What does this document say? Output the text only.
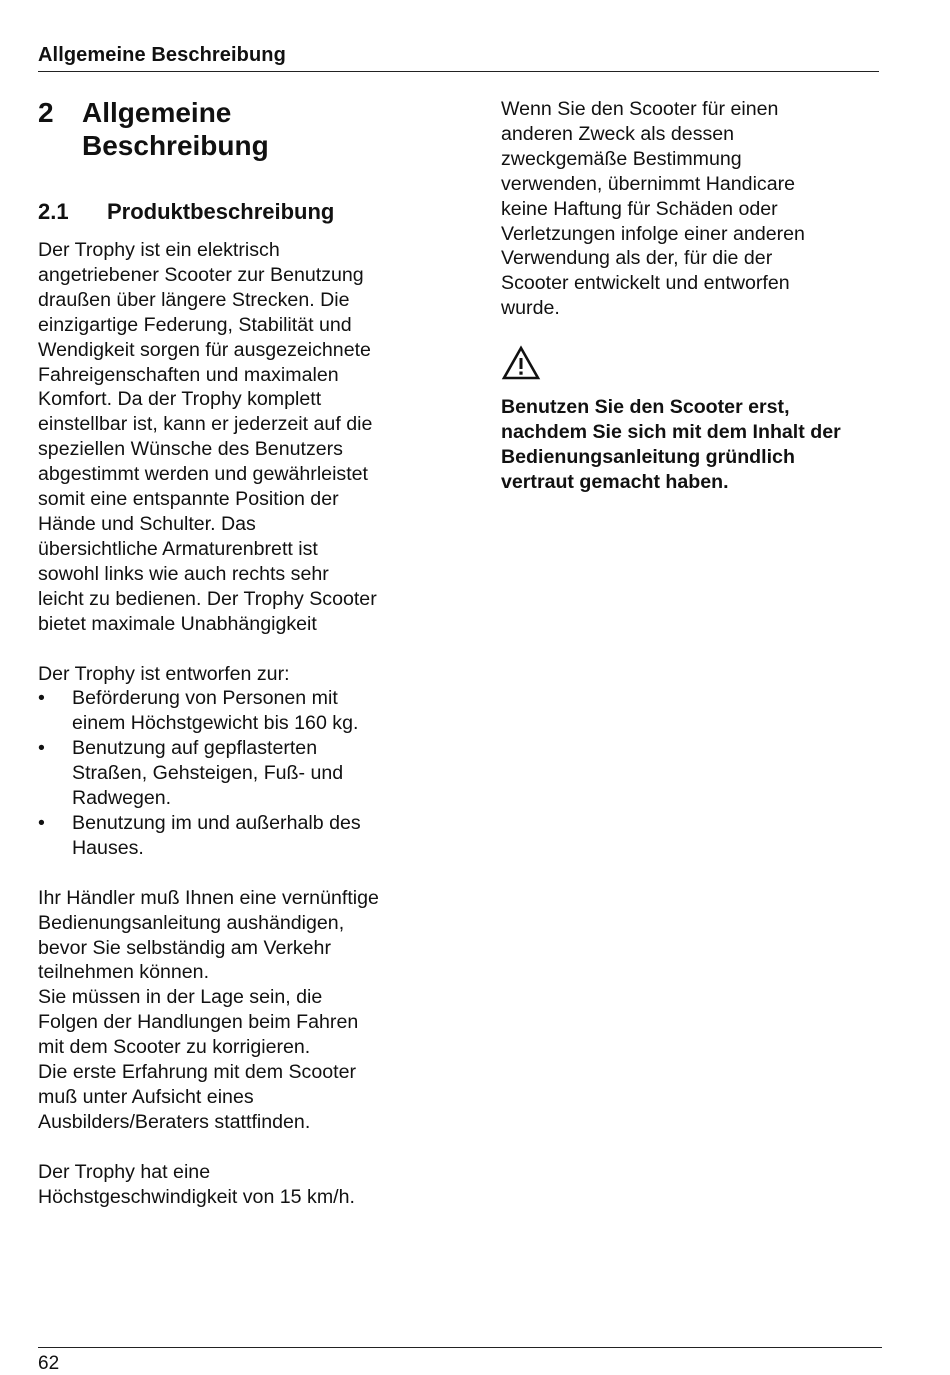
Allgemeine Beschreibung
2	Allgemeine
Beschreibung
2.1	Produktbeschreibung

Der Trophy ist ein elektrisch
angetriebener Scooter zur Benutzung
draußen über längere Strecken. Die
einzigartige Federung, Stabilität und
Wendigkeit sorgen für ausgezeichnete
Fahreigenschaften und maximalen
Komfort. Da der Trophy komplett
einstellbar ist, kann er jederzeit auf die
speziellen Wünsche des Benutzers
abgestimmt werden und gewährleistet
somit eine entspannte Position der
Hände und Schulter. Das
übersichtliche Armaturenbrett ist
sowohl links wie auch rechts sehr
leicht zu bedienen. Der Trophy Scooter
bietet maximale Unabhängigkeit

Der Trophy ist entworfen zur:

• Beförderung von Personen mit
einem Höchstgewicht bis 160 kg.
• Benutzung auf gepflasterten
Straßen, Gehsteigen, Fuß- und
Radwegen.
• Benutzung im und außerhalb des
Hauses.

Ihr Händler muß Ihnen eine vernünftige
Bedienungsanleitung aushändigen,
bevor Sie selbständig am Verkehr
teilnehmen können.
Sie müssen in der Lage sein, die
Folgen der Handlungen beim Fahren
mit dem Scooter zu korrigieren.
Die erste Erfahrung mit dem Scooter
muß unter Aufsicht eines
Ausbilders/Beraters stattfinden.

Der Trophy hat eine
Höchstgeschwindigkeit von 15 km/h.

Wenn Sie den Scooter für einen
anderen Zweck als dessen
zweckgemäße Bestimmung
verwenden, übernimmt Handicare
keine Haftung für Schäden oder
Verletzungen infolge einer anderen
Verwendung als der, für die der
Scooter entwickelt und entworfen
wurde.

Benutzen Sie den Scooter erst,
nachdem Sie sich mit dem Inhalt der
Bedienungsanleitung gründlich
vertraut gemacht haben.

62
